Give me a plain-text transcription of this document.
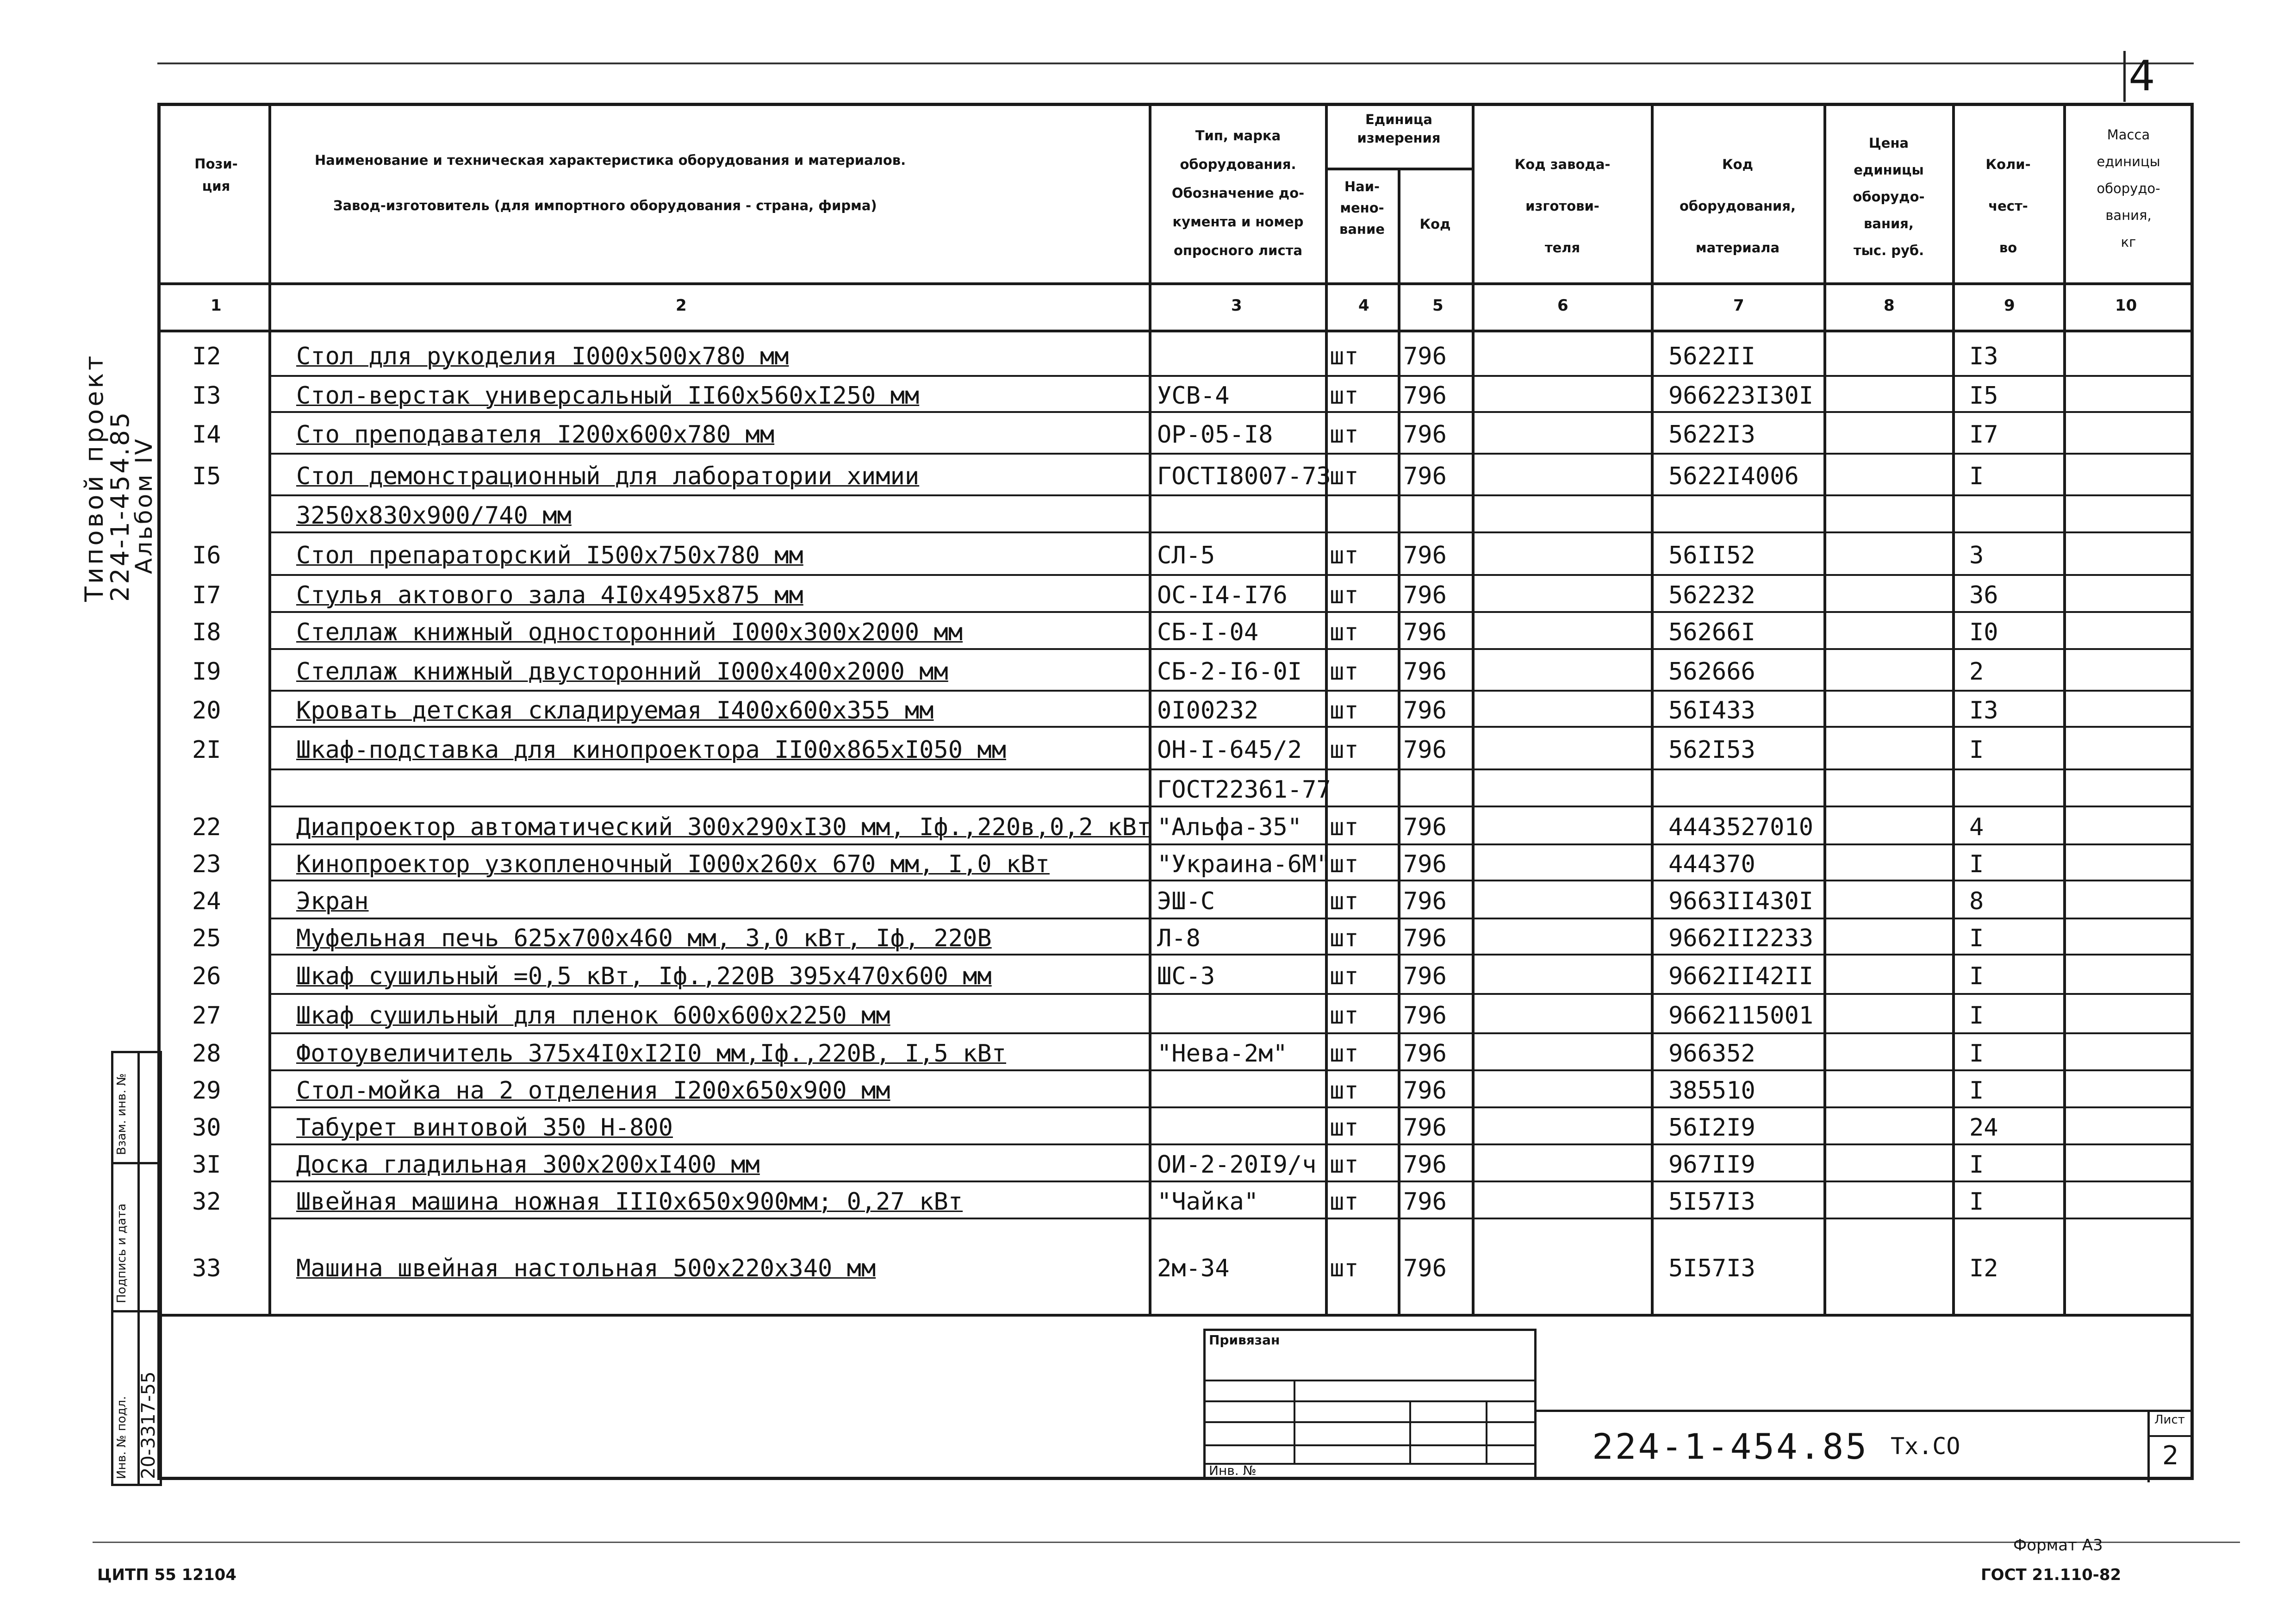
4
Пози-
ция
Наименование и техническая характеристика оборудования и материалов.
Завод-изготовитель (для импортного оборудования - страна, фирма)
Тип, марка
оборудования.
Обозначение до-
кумента и номер
опросного листа
Единица
измерения
Наи-
мено-
вание	Код
Код завода-
изготови-
теля
Код
оборудования,
материала
Цена
единицы
оборудо-
вания,
тыс. руб.
Коли-
чест-
во
Масса
единицы
оборудо-
вания,
кг
1	2	3	4	5	6	7	8	9	10
I2	Стол для рукоделия I000x500x780 мм	шт 796	5622II	I3
I3	Стол-верстак универсальный II60x560xI250 мм	УСВ-4	шт 796	966223I30I	I5
I4	Сто преподавателя I200x600x780 мм	ОР-05-I8 шт 796	5622I3	I7
I5	Стол демонстрационный для лаборатории химии	ГОСТI8007-73
шт 796	5622I4006	I
3250x830x900/740 мм
I6	Стол препараторский I500x750x780 мм	СЛ-5	шт 796	56II52	3
I7	Стулья актового зала 4I0x495x875 мм	ОС-I4-I76 шт 796	562232	36
I8	Стеллаж книжный односторонний I000x300x2000 мм	СБ-I-04	шт 796	56266I	I0
I9	Стеллаж книжный двусторонний I000x400x2000 мм	СБ-2-I6-0I шт 796	562666	2
20	Кровать детская складируемая I400x600x355 мм	0I00232	шт 796	56I433	I3
2I	Шкаф-подставка для кинопроектора II00x865xI050 мм	ОН-I-645/2 шт 796	562I53	I
ГОСТ22361-77
22	Диапроектор автоматический 300x290xI30 мм, Iф.,220в,0,2 кВт "Альфа-35" шт 796	4443527010	4
23	Кинопроектор узкопленочный I000x260x 670 мм, I,0 кВт	"Украина-6М"
шт 796	444370	I
24	Экран	ЭШ-С	шт 796	9663II430I	8
25	Муфельная печь 625x700x460 мм, 3,0 кВт, Iф, 220В	Л-8	шт 796	9662II2233	I
26	Шкаф сушильный =0,5 кВт, Iф.,220В 395x470x600 мм	ШС-3	шт 796	9662II42II	I
27	Шкаф сушильный для пленок 600x600x2250 мм	шт 796	9662115001	I
28	Фотоувеличитель 375x4I0xI2I0 мм,Iф.,220В, I,5 кВт	"Нева-2м" шт 796	966352	I
29	Стол-мойка на 2 отделения I200x650x900 мм	шт 796	385510	I
30	Табурет винтовой 350 Н-800	шт 796	56I2I9	24
3I	Доска гладильная 300x200xI400 мм	ОИ-2-20I9/ч шт 796	967II9	I
32	Швейная машина ножная III0x650x900мм; 0,27 кВт	"Чайка"	шт 796	5I57I3	I
33	Машина швейная настольная 500x220x340 мм	2м-34	шт 796	5I57I3	I2
Типовой проект
224-1-454.85
Альбом IV
Взам. инв. №
Подпись и дата
Инв. № подл. 20-3317-55
Привязан
Инв. №
224-1-454.85 Тх.СО
Лист
2
ЦИТП 55 12104
Формат А3
ГОСТ 21.110-82
